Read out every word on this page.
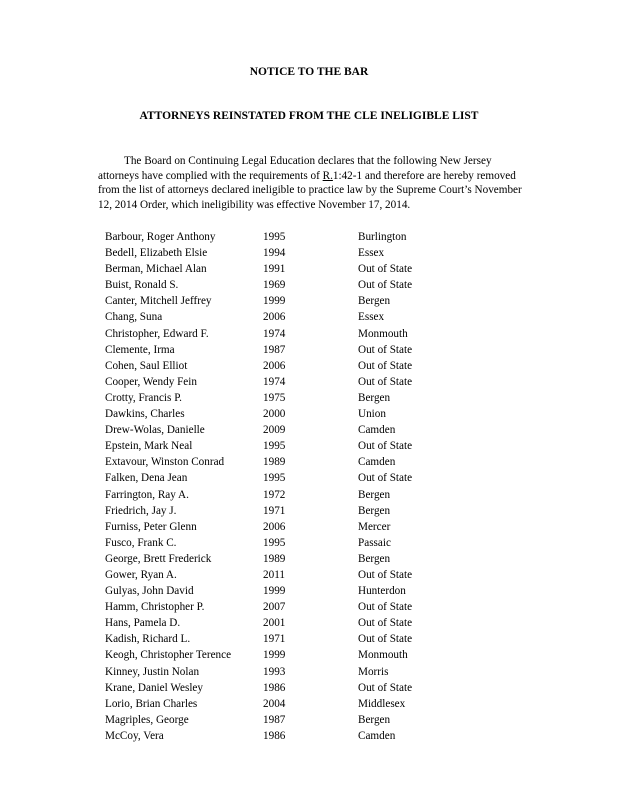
NOTICE TO THE BAR
ATTORNEYS REINSTATED FROM THE CLE INELIGIBLE LIST

The Board on Continuing Legal Education declares that the following New Jersey attorneys have complied with the requirements of R.1:42-1 and therefore are hereby removed from the list of attorneys declared ineligible to practice law by the Supreme Court’s November 12, 2014 Order, which ineligibility was effective November 17, 2014.

Barbour, Roger Anthony	1995	Burlington
Bedell, Elizabeth Elsie	1994	Essex
Berman, Michael Alan	1991	Out of State
Buist, Ronald S.	1969	Out of State
Canter, Mitchell Jeffrey	1999	Bergen
Chang, Suna	2006	Essex
Christopher, Edward F.	1974	Monmouth
Clemente, Irma	1987	Out of State
Cohen, Saul Elliot	2006	Out of State
Cooper, Wendy Fein	1974	Out of State
Crotty, Francis P.	1975	Bergen
Dawkins, Charles	2000	Union
Drew-Wolas, Danielle	2009	Camden
Epstein, Mark Neal	1995	Out of State
Extavour, Winston Conrad	1989	Camden
Falken, Dena Jean	1995	Out of State
Farrington, Ray A.	1972	Bergen
Friedrich, Jay J.	1971	Bergen
Furniss, Peter Glenn	2006	Mercer
Fusco, Frank C.	1995	Passaic
George, Brett Frederick	1989	Bergen
Gower, Ryan A.	2011	Out of State
Gulyas, John David	1999	Hunterdon
Hamm, Christopher P.	2007	Out of State
Hans, Pamela D.	2001	Out of State
Kadish, Richard L.	1971	Out of State
Keogh, Christopher Terence	1999	Monmouth
Kinney, Justin Nolan	1993	Morris
Krane, Daniel Wesley	1986	Out of State
Lorio, Brian Charles	2004	Middlesex
Magriples, George	1987	Bergen
McCoy, Vera	1986	Camden
